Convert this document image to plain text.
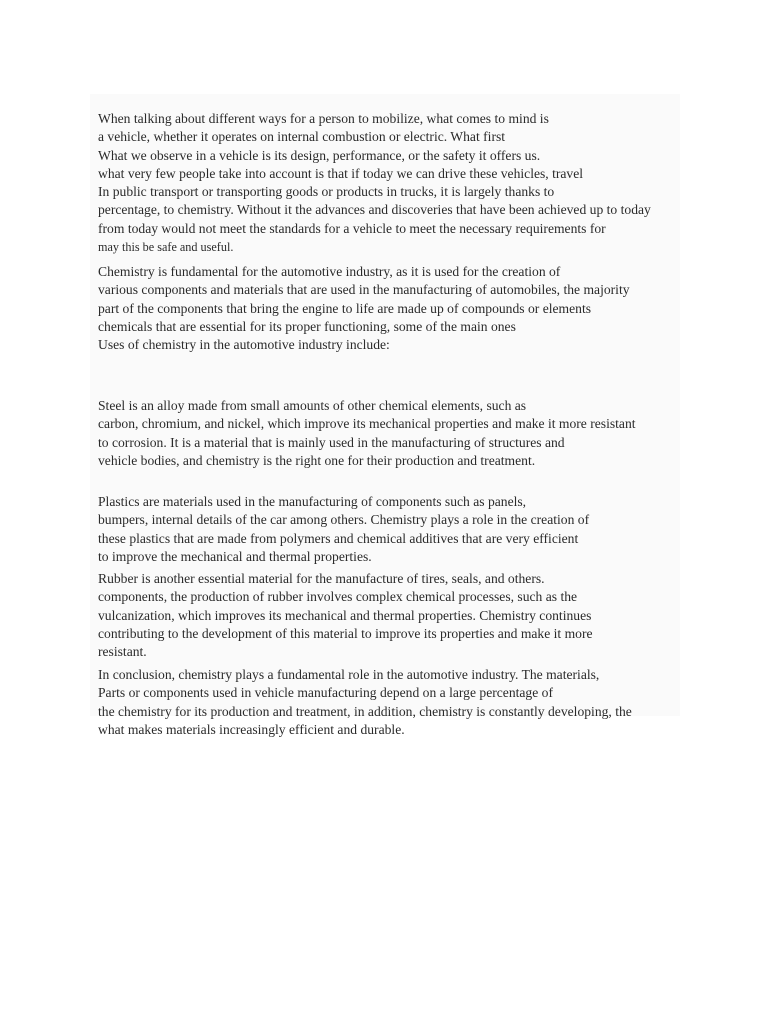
When talking about different ways for a person to mobilize, what comes to mind is
a vehicle, whether it operates on internal combustion or electric. What first
What we observe in a vehicle is its design, performance, or the safety it offers us.
what very few people take into account is that if today we can drive these vehicles, travel
In public transport or transporting goods or products in trucks, it is largely thanks to
percentage, to chemistry. Without it the advances and discoveries that have been achieved up to today
from today would not meet the standards for a vehicle to meet the necessary requirements for
may this be safe and useful.
Chemistry is fundamental for the automotive industry, as it is used for the creation of
various components and materials that are used in the manufacturing of automobiles, the majority
part of the components that bring the engine to life are made up of compounds or elements
chemicals that are essential for its proper functioning, some of the main ones
Uses of chemistry in the automotive industry include:
Steel is an alloy made from small amounts of other chemical elements, such as
carbon, chromium, and nickel, which improve its mechanical properties and make it more resistant
to corrosion. It is a material that is mainly used in the manufacturing of structures and
vehicle bodies, and chemistry is the right one for their production and treatment.
Plastics are materials used in the manufacturing of components such as panels,
bumpers, internal details of the car among others. Chemistry plays a role in the creation of
these plastics that are made from polymers and chemical additives that are very efficient
to improve the mechanical and thermal properties.
Rubber is another essential material for the manufacture of tires, seals, and others.
components, the production of rubber involves complex chemical processes, such as the
vulcanization, which improves its mechanical and thermal properties. Chemistry continues
contributing to the development of this material to improve its properties and make it more
resistant.
In conclusion, chemistry plays a fundamental role in the automotive industry. The materials,
Parts or components used in vehicle manufacturing depend on a large percentage of
the chemistry for its production and treatment, in addition, chemistry is constantly developing, the
what makes materials increasingly efficient and durable.
